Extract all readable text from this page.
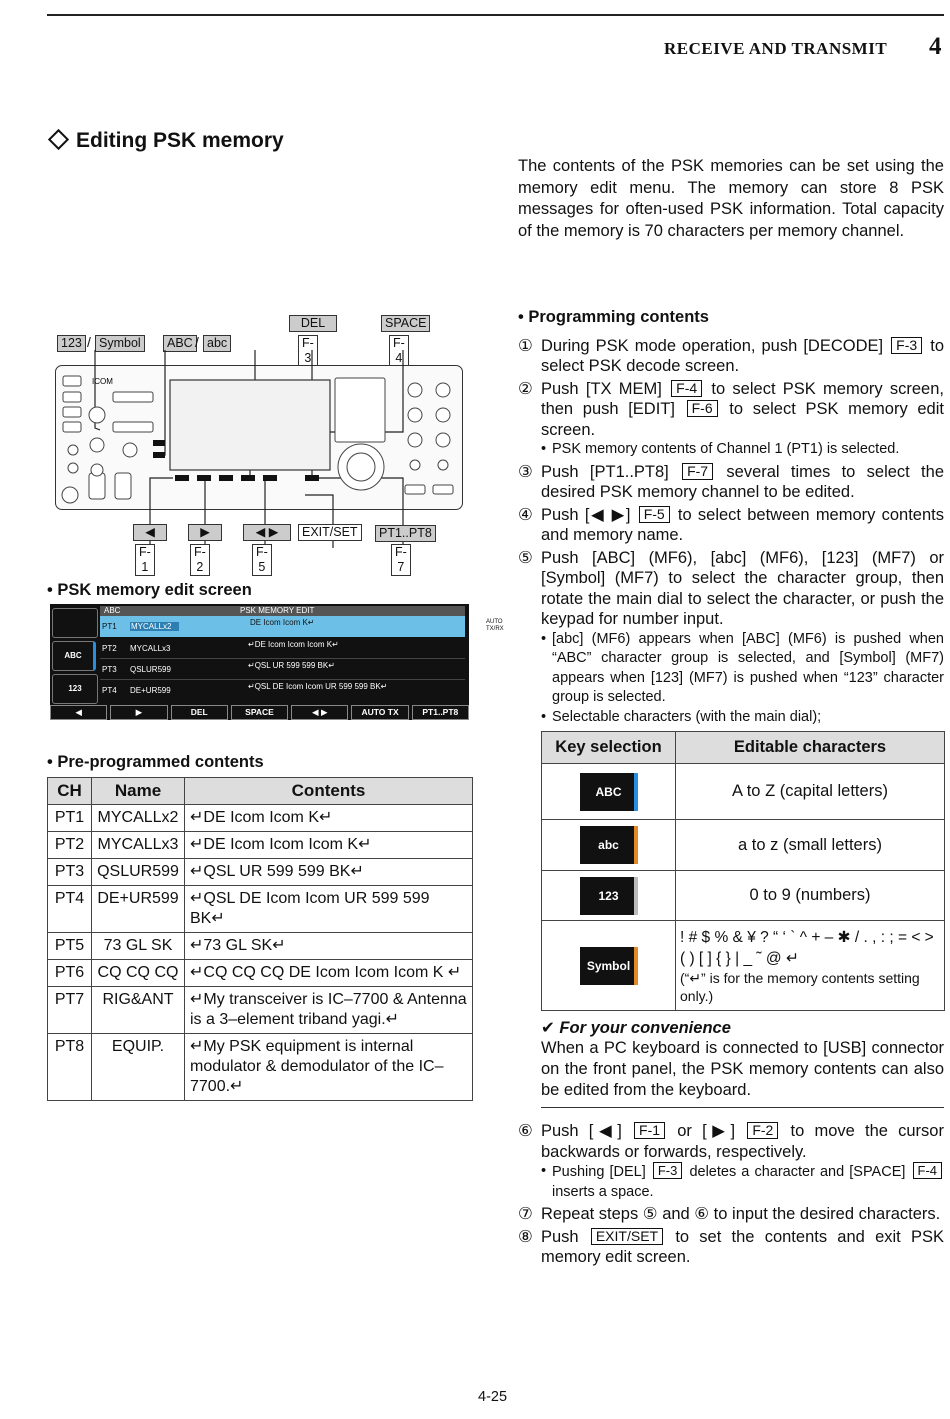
RECEIVE AND TRANSMIT 4
Editing PSK memory
The contents of the PSK memories can be set using the memory edit menu. The memory can store 8 PSK messages for often-used PSK information. Total capacity of the memory is 70 characters per memory channel.
• Programming contents
① During PSK mode operation, push [DECODE] F-3 to select PSK decode screen.
② Push [TX MEM] F-4 to select PSK memory screen, then push [EDIT] F-6 to select PSK memory edit screen.
• PSK memory contents of Channel 1 (PT1) is selected.
③ Push [PT1..PT8] F-7 several times to select the desired PSK memory channel to be edited.
④ Push [◀ ▶] F-5 to select between memory contents and memory name.
⑤ Push [ABC] (MF6), [abc] (MF6), [123] (MF7) or [Symbol] (MF7) to select the character group, then rotate the main dial to select the character, or push the keypad for number input.
• [abc] (MF6) appears when [ABC] (MF6) is pushed when “ABC” character group is selected, and [Symbol] (MF7) appears when [123] (MF7) is pushed when “123” character group is selected.
• Selectable characters (with the main dial);
Key selection	Editable characters
ABC	A to Z (capital letters)
abc	a to z (small letters)
123	0 to 9 (numbers)
Symbol	! # $ % & ¥ ? “ ‘ ` ^ + – ✱ / . , : ; = < > ( ) [ ] { } | _ ˜ @ ↵
(“↵” is for the memory contents setting only.)
✔ For your convenience
When a PC keyboard is connected to [USB] connector on the front panel, the PSK memory contents can also be edited from the keyboard.
⑥ Push [◀] F-1 or [▶] F-2 to move the cursor backwards or forwards, respectively.
• Pushing [DEL] F-3 deletes a character and [SPACE] F-4 inserts a space.
⑦ Repeat steps ⑤ and ⑥ to input the desired characters.
⑧ Push EXIT/SET to set the contents and exit PSK memory edit screen.
123 / Symbol	ABC / abc
DEL
F-3
SPACE
F-4
ICOM
◀
F-1
▶
F-2
◀ ▶
F-5
EXIT/SET	PT1..PT8
F-7
• PSK memory edit screen
ABC	PSK MEMORY EDIT
ABC
123
PT1 MYCALLx2	DE Icom Icom K↵	AUTO TX/RX
PT2 MYCALLx3	↵DE Icom Icom Icom K↵	AUTO TX/RX
PT3 QSLUR599	↵QSL UR 599 599 BK↵	AUTO TX/RX
PT4 DE+UR599	↵QSL DE Icom Icom UR 599 599 BK↵	AUTO TX/RX
◀	▶	DEL	SPACE	◀ ▶	AUTO TX	PT1..PT8
• Pre-programmed contents
CH	Name	Contents
PT1	MYCALLx2	↵DE Icom Icom K↵
PT2	MYCALLx3	↵DE Icom Icom Icom K↵
PT3	QSLUR599	↵QSL UR 599 599 BK↵
PT4	DE+UR599	↵QSL DE Icom Icom UR 599 599 BK↵
PT5	73 GL SK	↵73 GL SK↵
PT6	CQ CQ CQ	↵CQ CQ CQ DE Icom Icom Icom K ↵
PT7	RIG&ANT	↵My transceiver is IC–7700 & Antenna is a 3–element triband yagi.↵
PT8	EQUIP.	↵My PSK equipment is internal modulator & demodulator of the IC–7700.↵
4-25
